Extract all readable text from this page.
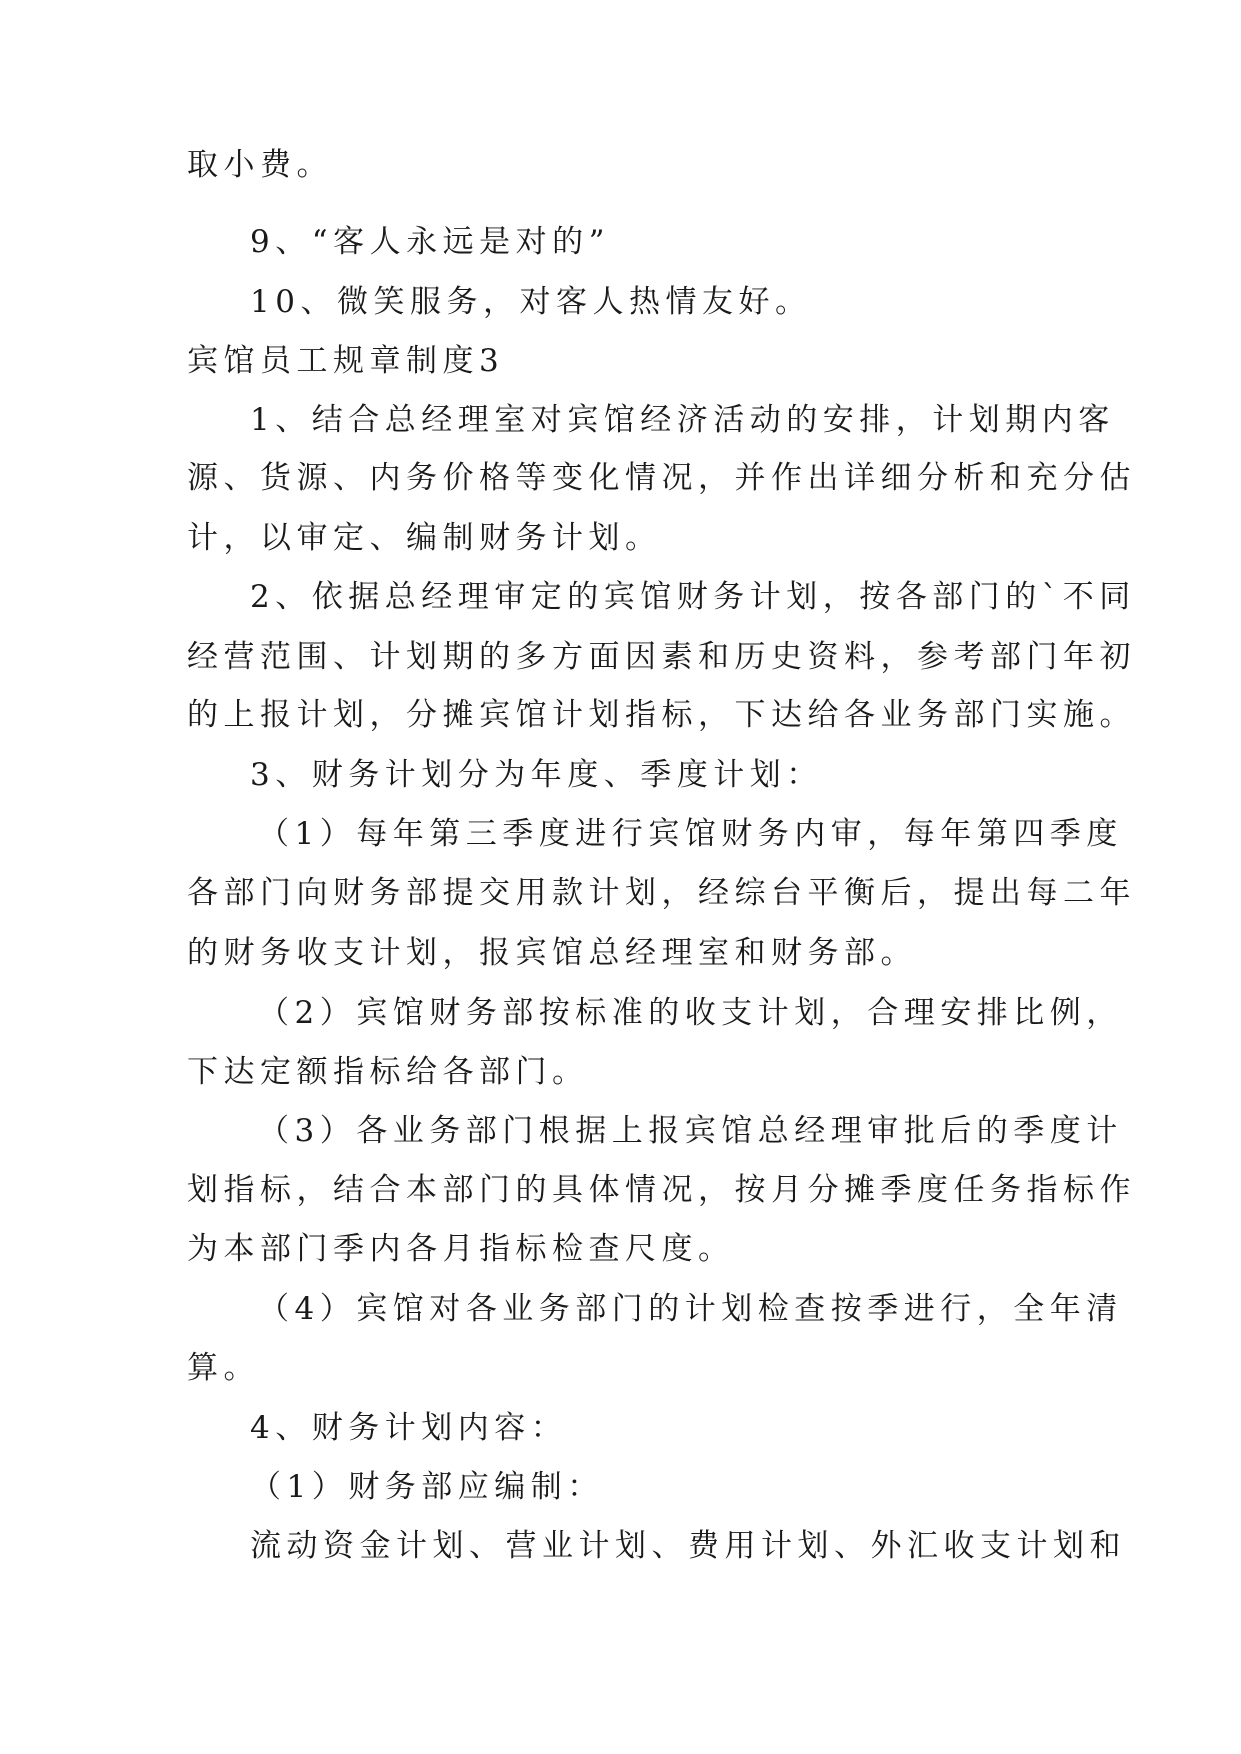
取小费。
9、“客人永远是对的”
10、微笑服务，对客人热情友好。
宾馆员工规章制度3
1、结合总经理室对宾馆经济活动的安排，计划期内客
源、货源、内务价格等变化情况，并作出详细分析和充分估
计，以审定、编制财务计划。
2、依据总经理审定的宾馆财务计划，按各部门的`不同
经营范围、计划期的多方面因素和历史资料，参考部门年初
的上报计划，分摊宾馆计划指标，下达给各业务部门实施。
3、财务计划分为年度、季度计划：
（1）每年第三季度进行宾馆财务内审，每年第四季度
各部门向财务部提交用款计划，经综台平衡后，提出每二年
的财务收支计划，报宾馆总经理室和财务部。
（2）宾馆财务部按标准的收支计划，合理安排比例，
下达定额指标给各部门。
（3）各业务部门根据上报宾馆总经理审批后的季度计
划指标，结合本部门的具体情况，按月分摊季度任务指标作
为本部门季内各月指标检查尺度。
（4）宾馆对各业务部门的计划检查按季进行，全年清
算。
4、财务计划内容：
（1）财务部应编制：
流动资金计划、营业计划、费用计划、外汇收支计划和
